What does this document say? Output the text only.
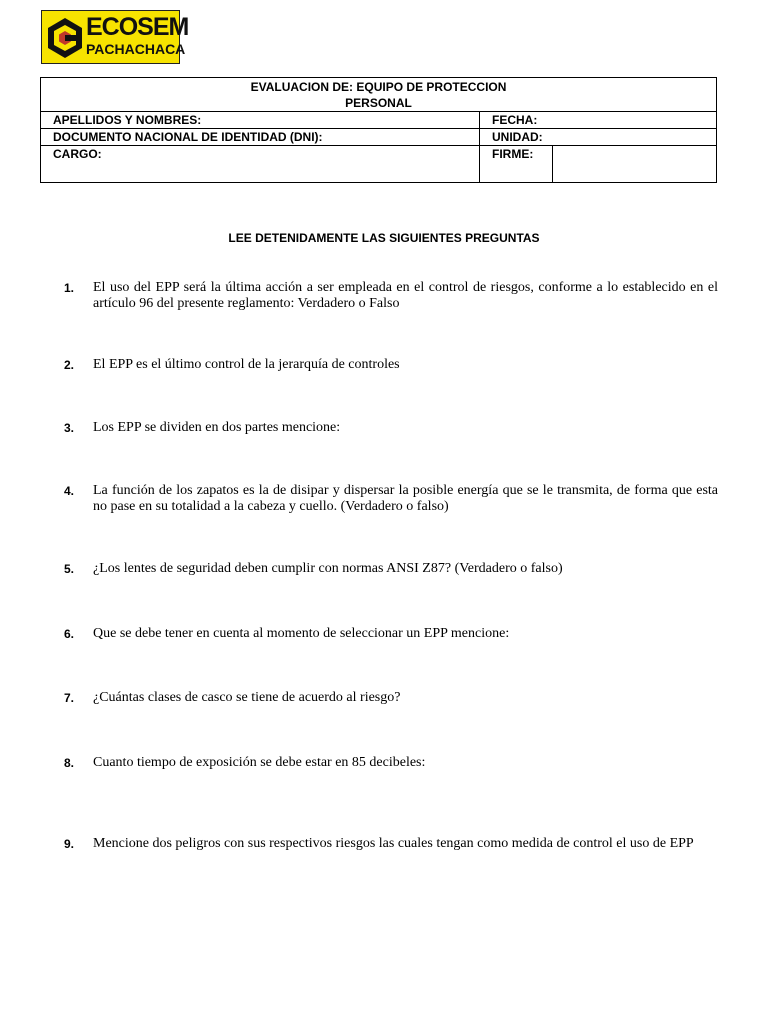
ECOSEM
PACHACHACA
EVALUACION DE: EQUIPO DE PROTECCION
PERSONAL		

APELLIDOS Y NOMBRES:	FECHA:	
DOCUMENTO NACIONAL DE IDENTIDAD (DNI):	UNIDAD:	
CARGO:	FIRME:	
LEE DETENIDAMENTE LAS SIGUIENTES PREGUNTAS
1.	El uso del EPP será la última acción a ser empleada en el control de riesgos, conforme a lo establecido en el artículo 96 del presente reglamento: Verdadero o Falso
2.	El EPP es el último control de la jerarquía de controles
3.	Los EPP se dividen en dos partes mencione:
4.	La función de los zapatos es la de disipar y dispersar la posible energía que se le transmita, de forma que esta no pase en su totalidad a la cabeza y cuello. (Verdadero o falso)
5.	¿Los lentes de seguridad deben cumplir con normas ANSI Z87? (Verdadero o falso)
6.	Que se debe tener en cuenta al momento de seleccionar un EPP mencione:
7.	¿Cuántas clases de casco se tiene de acuerdo al riesgo?
8.	Cuanto tiempo de exposición se debe estar en 85 decibeles:
9.	Mencione dos peligros con sus respectivos riesgos las cuales tengan como medida de control el uso de EPP
